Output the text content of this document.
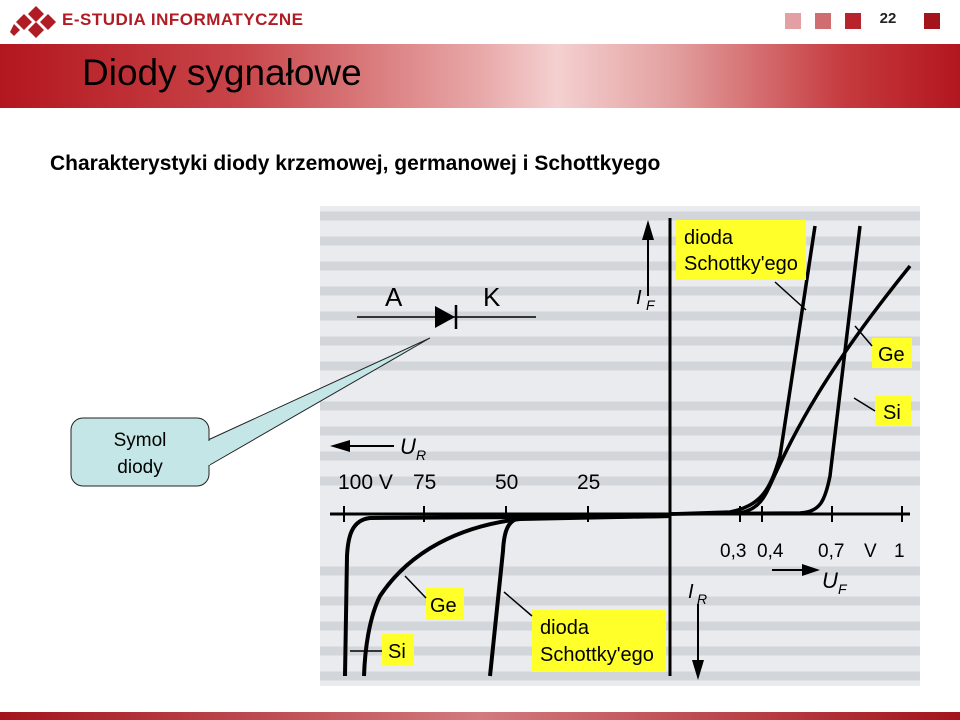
E-STUDIA INFORMATYCZNE	22
Diody sygnałowe
Charakterystyki diody krzemowej, germanowej i Schottkyego
I F
I R
U R
U F
100 V 75	50	25
0,3 0,4 0,7 V 1
dioda
Schottky'ego
Ge
Si
Ge
Si
dioda
Schottky'ego
A	K
Symol
diody
